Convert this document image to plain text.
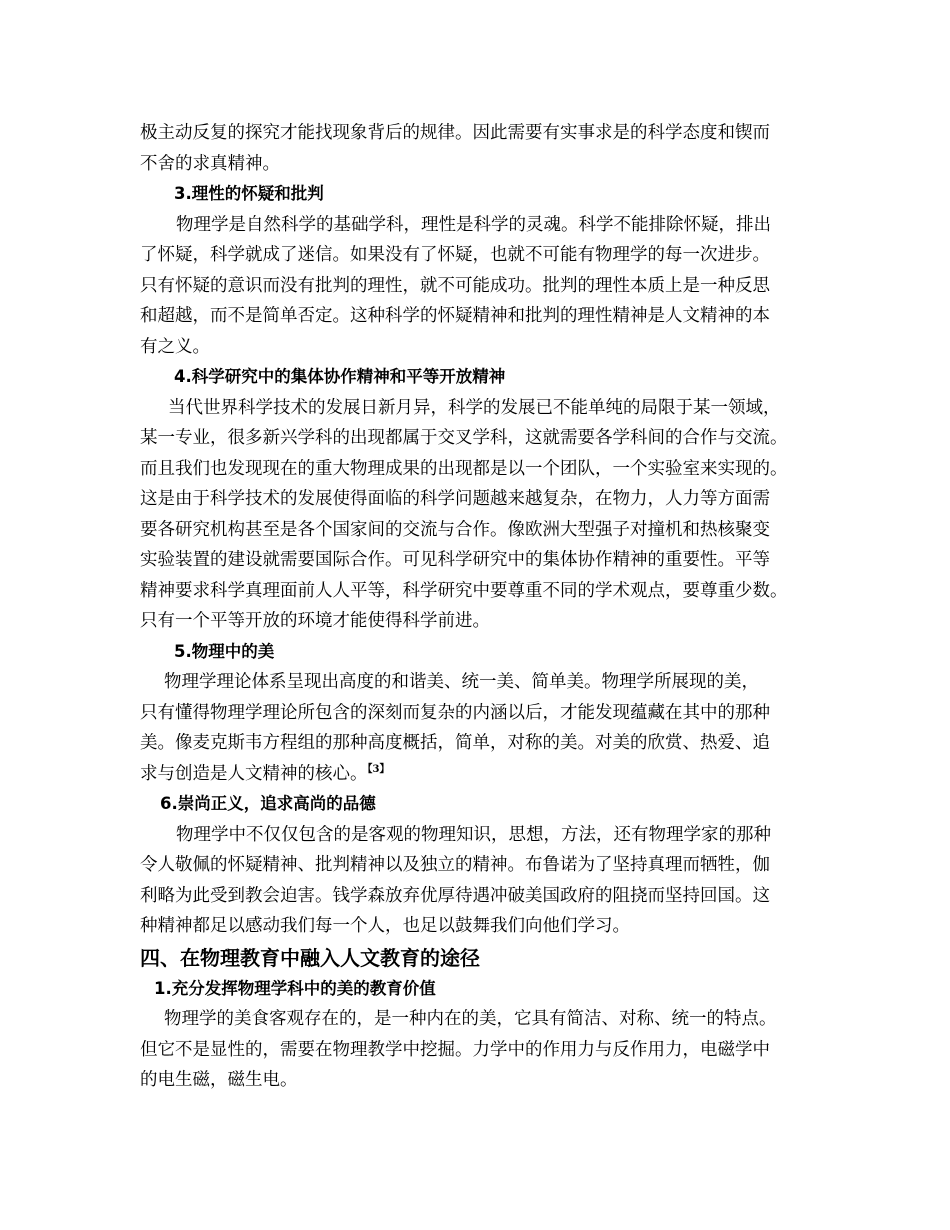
极主动反复的探究才能找现象背后的规律。因此需要有实事求是的科学态度和锲而
不舍的求真精神。
3.理性的怀疑和批判
物理学是自然科学的基础学科，理性是科学的灵魂。科学不能排除怀疑，排出
了怀疑，科学就成了迷信。如果没有了怀疑，也就不可能有物理学的每一次进步。
只有怀疑的意识而没有批判的理性，就不可能成功。批判的理性本质上是一种反思
和超越，而不是简单否定。这种科学的怀疑精神和批判的理性精神是人文精神的本
有之义。
4.科学研究中的集体协作精神和平等开放精神
当代世界科学技术的发展日新月异，科学的发展已不能单纯的局限于某一领域，
某一专业，很多新兴学科的出现都属于交叉学科，这就需要各学科间的合作与交流。
而且我们也发现现在的重大物理成果的出现都是以一个团队，一个实验室来实现的。
这是由于科学技术的发展使得面临的科学问题越来越复杂，在物力，人力等方面需
要各研究机构甚至是各个国家间的交流与合作。像欧洲大型强子对撞机和热核聚变
实验装置的建设就需要国际合作。可见科学研究中的集体协作精神的重要性。平等
精神要求科学真理面前人人平等，科学研究中要尊重不同的学术观点，要尊重少数。
只有一个平等开放的环境才能使得科学前进。
5.物理中的美
物理学理论体系呈现出高度的和谐美、统一美、简单美。物理学所展现的美，
只有懂得物理学理论所包含的深刻而复杂的内涵以后，才能发现蕴藏在其中的那种
美。像麦克斯韦方程组的那种高度概括，简单，对称的美。对美的欣赏、热爱、追
求与创造是人文精神的核心。$^{【3】}$
6.崇尚正义，追求高尚的品德
物理学中不仅仅包含的是客观的物理知识，思想，方法，还有物理学家的那种
令人敬佩的怀疑精神、批判精神以及独立的精神。布鲁诺为了坚持真理而牺牲，伽
利略为此受到教会迫害。钱学森放弃优厚待遇冲破美国政府的阻挠而坚持回国。这
种精神都足以感动我们每一个人，也足以鼓舞我们向他们学习。
四、在物理教育中融入人文教育的途径
1.充分发挥物理学科中的美的教育价值
物理学的美食客观存在的，是一种内在的美，它具有简洁、对称、统一的特点。
但它不是显性的，需要在物理教学中挖掘。力学中的作用力与反作用力，电磁学中
的电生磁，磁生电。
